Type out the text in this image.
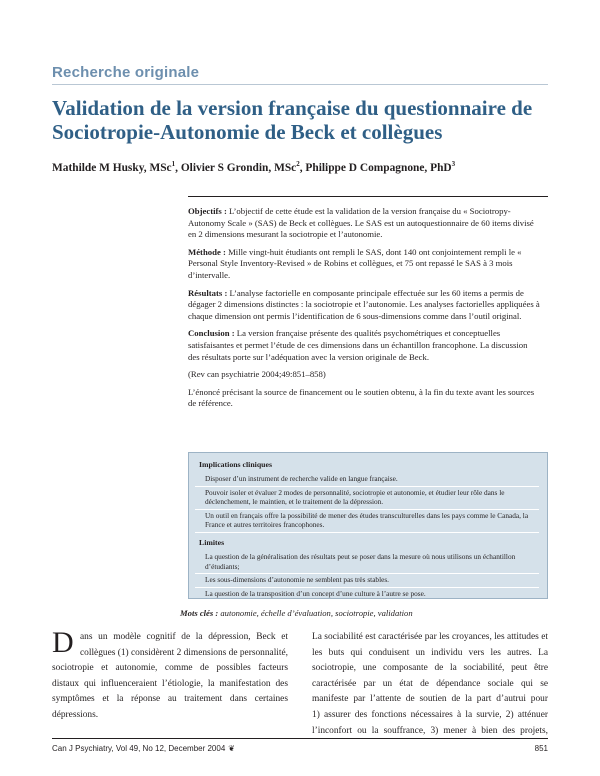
Recherche originale
Validation de la version française du questionnaire de
Sociotropie-Autonomie de Beck et collègues
Mathilde M Husky, MSc$^1$, Olivier S Grondin, MSc$^2$, Philippe D Compagnone, PhD$^3$

Objectifs : L’objectif de cette étude est la validation de la version française du « Sociotropy- Autonomy Scale » (SAS) de Beck et collègues. Le SAS est un autoquestionnaire de 60 items divisé en 2 dimensions mesurant la sociotropie et l’autonomie.

Méthode : Mille vingt-huit étudiants ont rempli le SAS, dont 140 ont conjointement rempli le « Personal Style Inventory-Revised » de Robins et collègues, et 75 ont repassé le SAS à 3 mois d’intervalle.

Résultats : L’analyse factorielle en composante principale effectuée sur les 60 items a permis de dégager 2 dimensions distinctes : la sociotropie et l’autonomie. Les analyses factorielles appliquées à chaque dimension ont permis l’identification de 6 sous-dimensions comme dans l’outil original.

Conclusion : La version française présente des qualités psychométriques et conceptuelles satisfaisantes et permet l’étude de ces dimensions dans un échantillon francophone. La discussion des résultats porte sur l’adéquation avec la version originale de Beck.

(Rev can psychiatrie 2004;49:851–858)

L’énoncé précisant la source de financement ou le soutien obtenu, à la fin du texte avant les sources de référence.

Implications cliniques
Disposer d’un instrument de recherche valide en langue française.
Pouvoir isoler et évaluer 2 modes de personnalité, sociotropie et autonomie, et étudier leur rôle dans le déclenchement, le maintien, et le traitement de la dépression.
Un outil en français offre la possibilité de mener des études transculturelles dans les pays comme le Canada, la France et autres territoires francophones.
Limites
La question de la généralisation des résultats peut se poser dans la mesure où nous utilisons un échantillon d’étudiants;
Les sous-dimensions d’autonomie ne semblent pas très stables.
La question de la transposition d’un concept d’une culture à l’autre se pose.
Mots clés : autonomie, échelle d’évaluation, sociotropie, validation
D ans un modèle cognitif de la dépression, Beck et
collègues (1) considèrent 2 dimensions de personnalité,
sociotropie et autonomie, comme de possibles facteurs
distaux qui influenceraient l’étiologie, la manifestation des
symptômes et la réponse au traitement dans certaines
dépressions.
La sociabilité est caractérisée par les croyances, les attitudes et
les buts qui conduisent un individu vers les autres. La
sociotropie, une composante de la sociabilité, peut être
caractérisée par un état de dépendance sociale qui se
manifeste par l’attente de soutien de la part d’autrui pour
1) assurer des fonctions nécessaires à la survie, 2) atténuer
l’inconfort ou la souffrance, 3) mener à bien des projets,
Can J Psychiatry, Vol 49, No 12, December 2004 ❦	851
